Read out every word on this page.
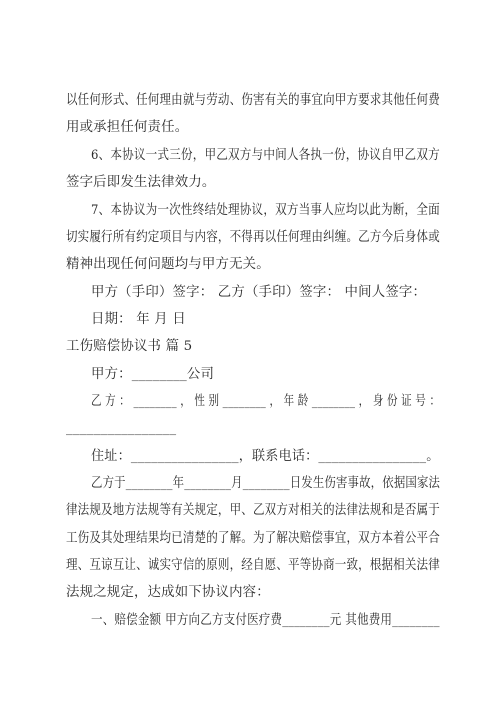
以任何形式、任何理由就与劳动、伤害有关的事宜向甲方要求其他任何费
用或承担任何责任。
6、本协议一式三份，甲乙双方与中间人各执一份，协议自甲乙双方
签字后即发生法律效力。
7、本协议为一次性终结处理协议，双方当事人应均以此为断，全面
切实履行所有约定项目与内容，不得再以任何理由纠缠。乙方今后身体或
精神出现任何问题均与甲方无关。
甲方（手印）签字： 乙方（手印）签字： 中间人签字：
日期： 年 月 日
工伤赔偿协议书 篇 5
甲方：________公司
乙 方 ： ________ ， 性 别 ________ ， 年 龄 ________ ， 身 份 证 号 ：
________________
住址：________________，联系电话：________________。
乙方于________年________月________日发生伤害事故，依据国家法
律法规及地方法规等有关规定，甲、乙双方对相关的法律法规和是否属于
工伤及其处理结果均已清楚的了解。为了解决赔偿事宜，双方本着公平合
理、互谅互让、诚实守信的原则，经自愿、平等协商一致，根据相关法律
法规之规定，达成如下协议内容：
一、赔偿金额 甲方向乙方支付医疗费________元 其他费用________
